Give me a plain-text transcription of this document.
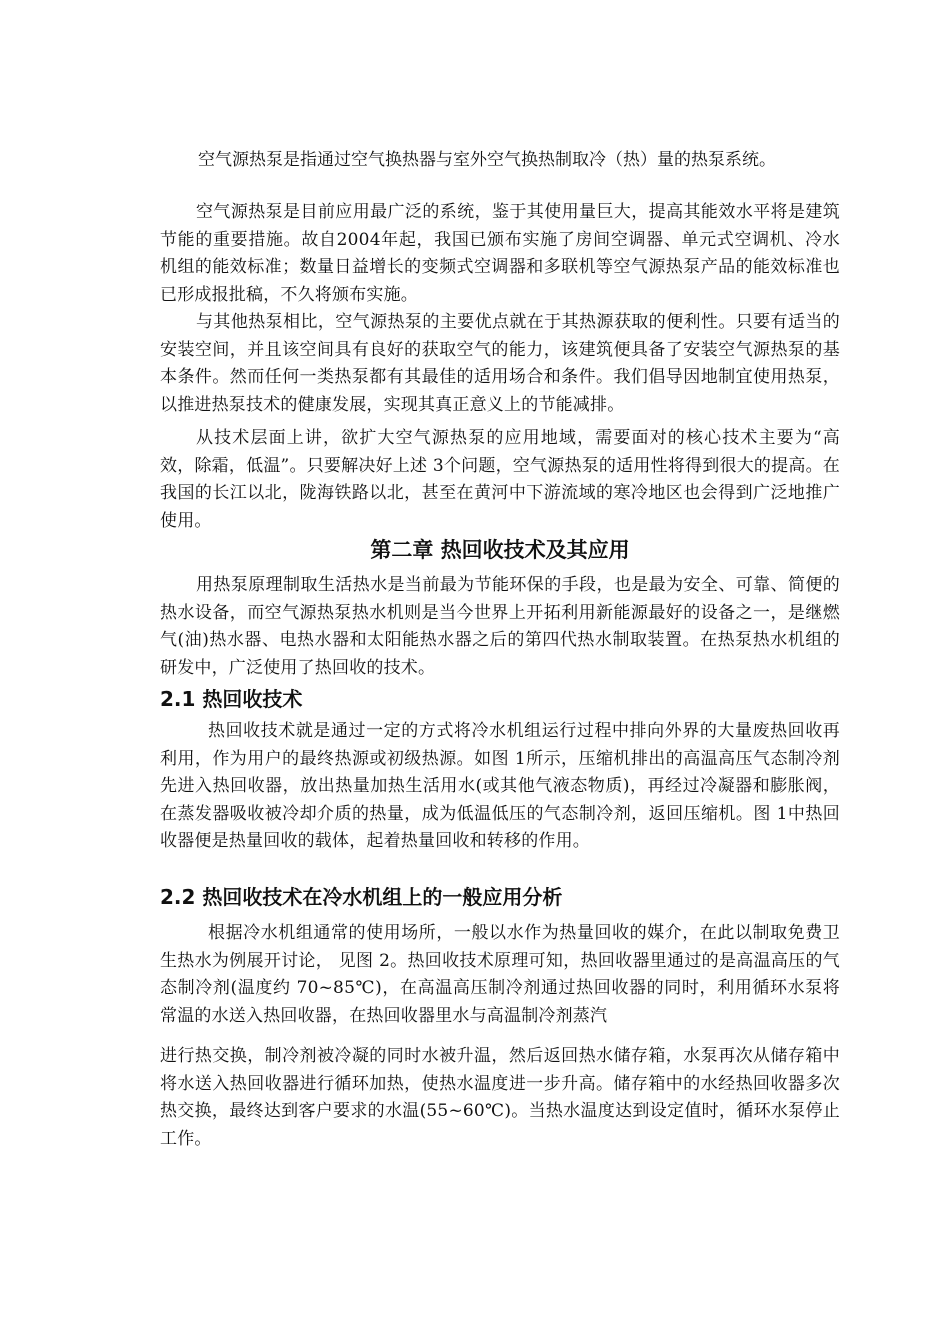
空气源热泵是指通过空气换热器与室外空气换热制取冷（热）量的热泵系统。
空气源热泵是目前应用最广泛的系统，鉴于其使用量巨大，提高其能效水平将是建筑节能的重要措施。故自2004年起，我国已颁布实施了房间空调器、单元式空调机、冷水机组的能效标准；数量日益增长的变频式空调器和多联机等空气源热泵产品的能效标准也已形成报批稿，不久将颁布实施。
与其他热泵相比，空气源热泵的主要优点就在于其热源获取的便利性。只要有适当的安装空间，并且该空间具有良好的获取空气的能力，该建筑便具备了安装空气源热泵的基本条件。然而任何一类热泵都有其最佳的适用场合和条件。我们倡导因地制宜使用热泵，以推进热泵技术的健康发展，实现其真正意义上的节能减排。
从技术层面上讲，欲扩大空气源热泵的应用地域，需要面对的核心技术主要为“高效，除霜，低温”。只要解决好上述 3个问题，空气源热泵的适用性将得到很大的提高。在我国的长江以北，陇海铁路以北，甚至在黄河中下游流域的寒冷地区也会得到广泛地推广使用。
第二章 热回收技术及其应用
用热泵原理制取生活热水是当前最为节能环保的手段，也是最为安全、可靠、简便的热水设备，而空气源热泵热水机则是当今世界上开拓利用新能源最好的设备之一，是继燃气(油)热水器、电热水器和太阳能热水器之后的第四代热水制取装置。在热泵热水机组的研发中，广泛使用了热回收的技术。
2.1 热回收技术
热回收技术就是通过一定的方式将冷水机组运行过程中排向外界的大量废热回收再利用，作为用户的最终热源或初级热源。如图 1所示，压缩机排出的高温高压气态制冷剂先进入热回收器，放出热量加热生活用水(或其他气液态物质)，再经过冷凝器和膨胀阀，在蒸发器吸收被冷却介质的热量，成为低温低压的气态制冷剂，返回压缩机。图 1中热回收器便是热量回收的载体，起着热量回收和转移的作用。
2.2 热回收技术在冷水机组上的一般应用分析
根据冷水机组通常的使用场所，一般以水作为热量回收的媒介，在此以制取免费卫生热水为例展开讨论， 见图 2。热回收技术原理可知，热回收器里通过的是高温高压的气态制冷剂(温度约 70~85℃)，在高温高压制冷剂通过热回收器的同时，利用循环水泵将常温的水送入热回收器，在热回收器里水与高温制冷剂蒸汽
进行热交换，制冷剂被冷凝的同时水被升温，然后返回热水储存箱，水泵再次从储存箱中将水送入热回收器进行循环加热，使热水温度进一步升高。储存箱中的水经热回收器多次热交换，最终达到客户要求的水温(55~60℃)。当热水温度达到设定值时，循环水泵停止工作。
